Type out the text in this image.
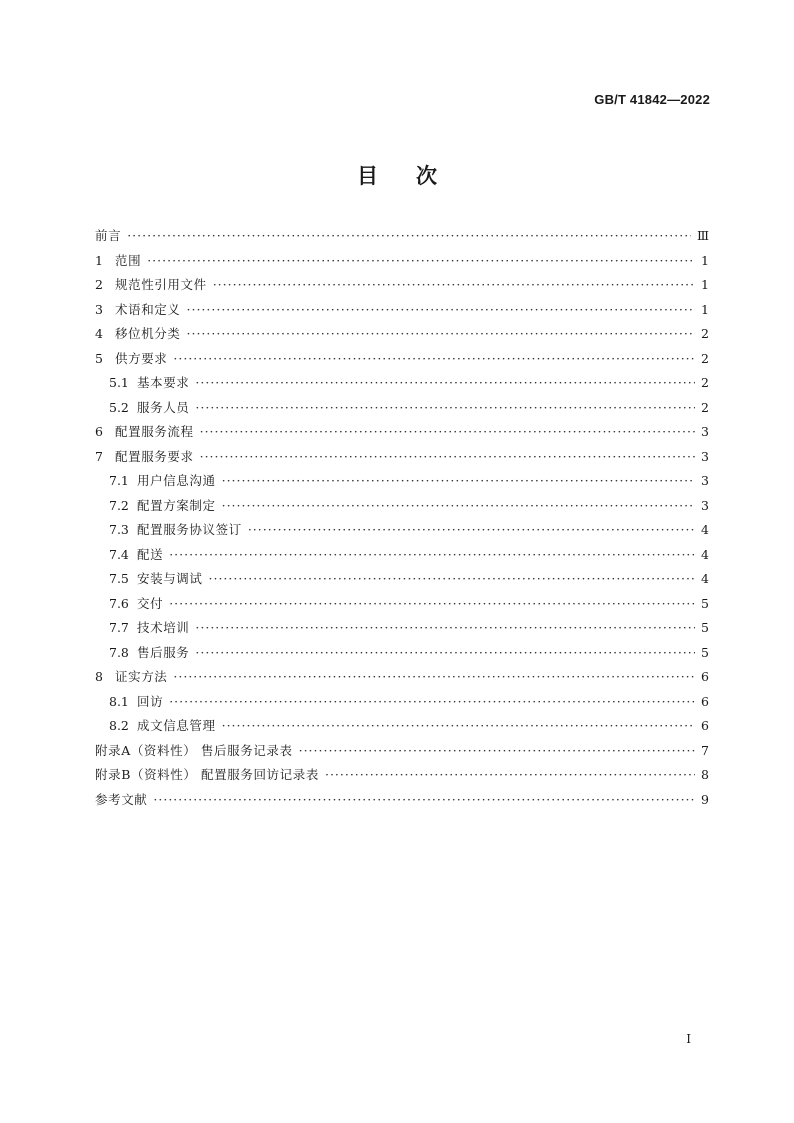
GB/T 41842—2022
目次
前言 ·····	Ⅲ
1 范围 ·····	1
2 规范性引用文件 ·····	1
3 术语和定义 ·····	1
4 移位机分类 ·····	2
5 供方要求 ·····	2
5.1 基本要求 ·····	2
5.2 服务人员 ·····	2
6 配置服务流程 ·····	3
7 配置服务要求 ·····	3
7.1 用户信息沟通 ·····	3
7.2 配置方案制定 ·····	3
7.3 配置服务协议签订 ·····	4
7.4 配送 ·····	4
7.5 安装与调试 ·····	4
7.6 交付 ·····	5
7.7 技术培训 ·····	5
7.8 售后服务 ·····	5
8 证实方法 ·····	6
8.1 回访 ·····	6
8.2 成文信息管理 ·····	6
附录A（资料性） 售后服务记录表 ·····	7
附录B（资料性） 配置服务回访记录表 ·····	8
参考文献 ·····	9
I
